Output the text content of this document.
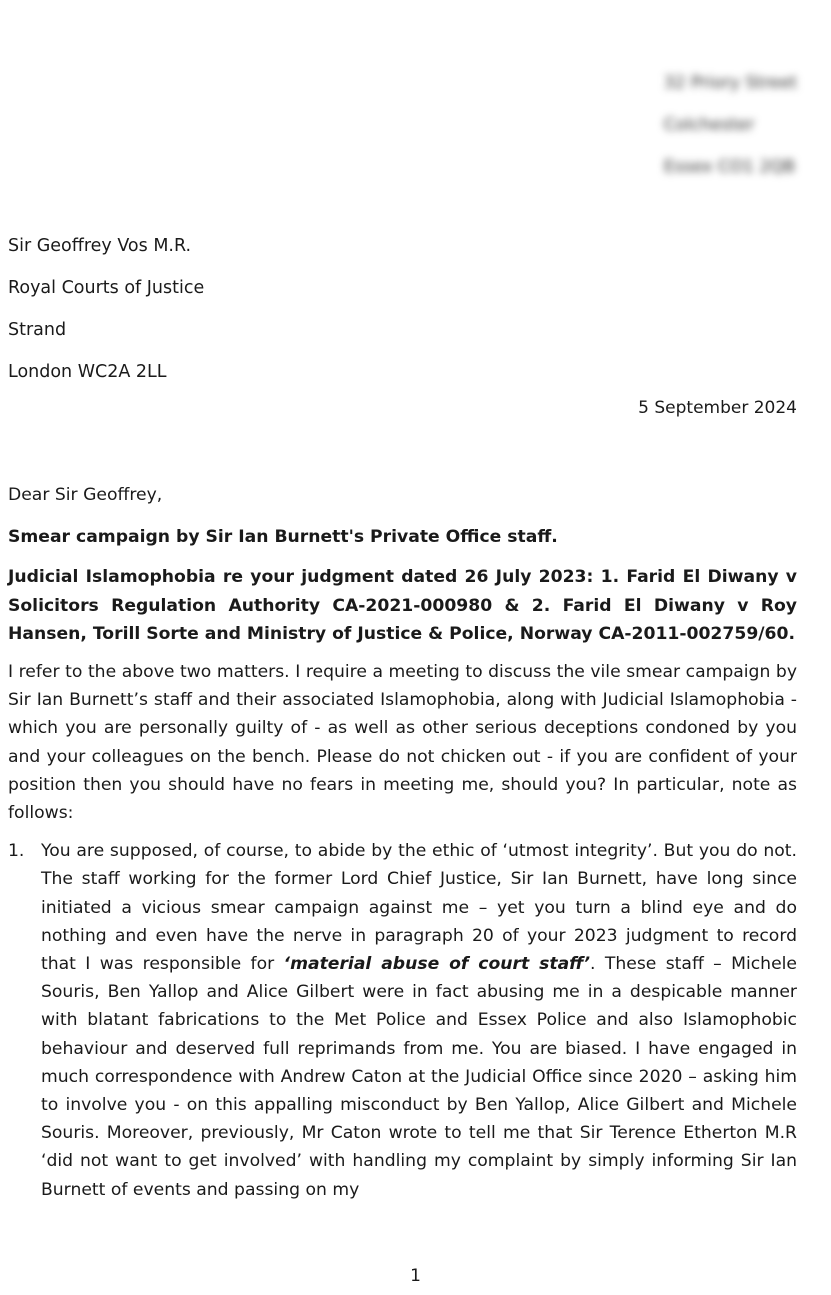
32 Priory Street
Colchester
Essex CO1 2QB
Sir Geoffrey Vos M.R.
Royal Courts of Justice
Strand
London WC2A 2LL
5 September 2024

Dear Sir Geoffrey,

Smear campaign by Sir Ian Burnett's Private Office staff.

Judicial Islamophobia re your judgment dated 26 July 2023: 1. Farid El Diwany v Solicitors Regulation Authority CA-2021-000980 & 2. Farid El Diwany v Roy Hansen, Torill Sorte and Ministry of Justice & Police, Norway CA-2011-002759/60.

I refer to the above two matters. I require a meeting to discuss the vile smear campaign by Sir Ian Burnett’s staff and their associated Islamophobia, along with Judicial Islamophobia - which you are personally guilty of - as well as other serious deceptions condoned by you and your colleagues on the bench. Please do not chicken out - if you are confident of your position then you should have no fears in meeting me, should you? In particular, note as follows:

1. You are supposed, of course, to abide by the ethic of ‘utmost integrity’. But you do not. The staff working for the former Lord Chief Justice, Sir Ian Burnett, have long since initiated a vicious smear campaign against me – yet you turn a blind eye and do nothing and even have the nerve in paragraph 20 of your 2023 judgment to record that I was responsible for ‘material abuse of court staff’. These staff – Michele Souris, Ben Yallop and Alice Gilbert were in fact abusing me in a despicable manner with blatant fabrications to the Met Police and Essex Police and also Islamophobic behaviour and deserved full reprimands from me. You are biased. I have engaged in much correspondence with Andrew Caton at the Judicial Office since 2020 – asking him to involve you - on this appalling misconduct by Ben Yallop, Alice Gilbert and Michele Souris. Moreover, previously, Mr Caton wrote to tell me that Sir Terence Etherton M.R ‘did not want to get involved’ with handling my complaint by simply informing Sir Ian Burnett of events and passing on my
1
